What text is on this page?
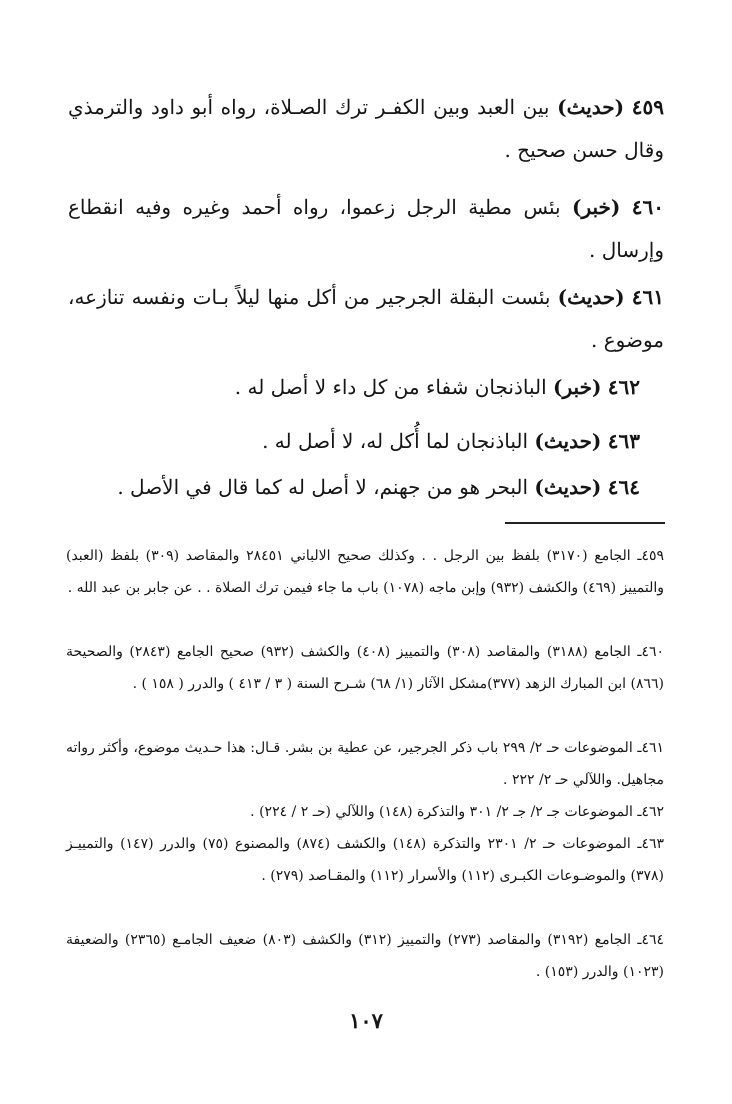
٤٥٩ (حديث) بين العبد وبين الكفـر ترك الصـلاة، رواه أبو داود والترمذي وقال حسن صحيح .

٤٦٠ (خبر) بئس مطية الرجل زعموا، رواه أحمد وغيره وفيه انقطاع وإرسال .

٤٦١ (حديث) بئست البقلة الجرجير من أكل منها ليلاً بـات ونفسه تنازعه، موضوع .

٤٦٢ (خبر) الباذنجان شفاء من كل داء لا أصل له .

٤٦٣ (حديث) الباذنجان لما أُكل له، لا أصل له .

٤٦٤ (حديث) البحر هو من جهنم، لا أصل له كما قال في الأصل .

٤٥٩ـ الجامع (٣١٧٠) بلفظ بين الرجل . . وكذلك صحيح الالباني ٢٨٤٥١ والمقاصد (٣٠٩) بلفظ (العبد) والتمييز (٤٦٩) والكشف (٩٣٢) وإبن ماجه (١٠٧٨) باب ما جاء فيمن ترك الصلاة . . عن جابر بن عبد الله .

٤٦٠ـ الجامع (٣١٨٨) والمقاصد (٣٠٨) والتمييز (٤٠٨) والكشف (٩٣٢) صحيح الجامع (٢٨٤٣) والصحيحة (٨٦٦) ابن المبارك الزهد (٣٧٧)مشكل الآثار (١/ ٦٨) شـرح السنة ( ٣ / ٤١٣ ) والدرر ( ١٥٨ ) .

٤٦١ـ الموضوعات حـ ٢/ ٢٩٩ باب ذكر الجرجير، عن عطية بن بشر. قـال: هذا حـديث موضوع، وأكثر رواته مجاهيل. واللآلي حـ ٢/ ٢٢٢ .

٤٦٢ـ الموضوعات جـ ٢/ جـ ٢/ ٣٠١ والتذكرة (١٤٨) واللآلي (حـ ٢ / ٢٢٤) .

٤٦٣ـ الموضوعات حـ ٢/ ٢٣٠١ والتذكرة (١٤٨) والكشف (٨٧٤) والمصنوع (٧٥) والدرر (١٤٧) والتمييـز (٣٧٨) والموضـوعات الكبـرى (١١٢) والأسرار (١١٢) والمقـاصد (٢٧٩) .

٤٦٤ـ الجامع (٣١٩٢) والمقاصد (٢٧٣) والتمييز (٣١٢) والكشف (٨٠٣) ضعيف الجامـع (٢٣٦٥) والضعيفة (١٠٢٣) والدرر (١٥٣) .

١٠٧
